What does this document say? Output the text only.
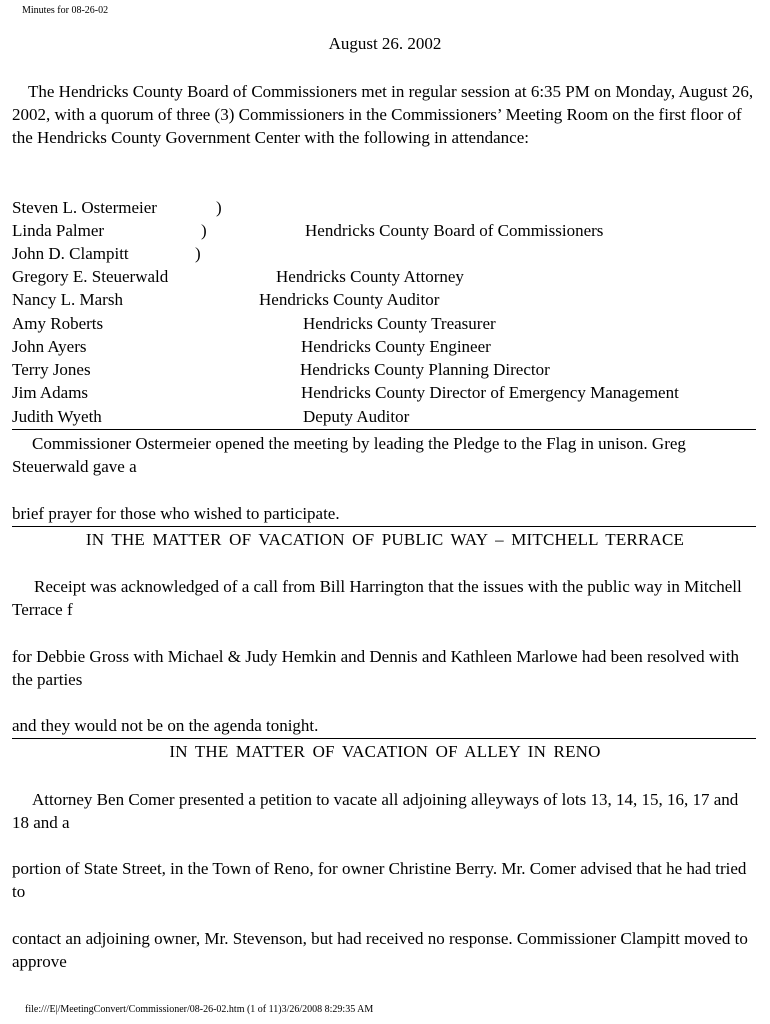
Minutes for 08-26-02
August 26. 2002
The Hendricks County Board of Commissioners met in regular session at 6:35 PM on Monday, August 26, 2002, with a quorum of three (3) Commissioners in the Commissioners’ Meeting Room on the first floor of the Hendricks County Government Center with the following in attendance:
Steven L. Ostermeier	)
Linda Palmer	)	Hendricks County Board of Commissioners
John D. Clampitt	)
Gregory E. Steuerwald	Hendricks County Attorney
Nancy L. Marsh	Hendricks County Auditor
Amy Roberts	Hendricks County Treasurer
John Ayers	Hendricks County Engineer
Terry Jones	Hendricks County Planning Director
Jim Adams	Hendricks County Director of Emergency Management
Judith Wyeth	Deputy Auditor
Commissioner Ostermeier opened the meeting by leading the Pledge to the Flag in unison. Greg Steuerwald gave a
brief prayer for those who wished to participate.
IN THE MATTER OF VACATION OF PUBLIC WAY – MITCHELL TERRACE
Receipt was acknowledged of a call from Bill Harrington that the issues with the public way in Mitchell Terrace f
for Debbie Gross with Michael & Judy Hemkin and Dennis and Kathleen Marlowe had been resolved with the parties
and they would not be on the agenda tonight.
IN THE MATTER OF VACATION OF ALLEY IN RENO
Attorney Ben Comer presented a petition to vacate all adjoining alleyways of lots 13, 14, 15, 16, 17 and 18 and a
portion of State Street, in the Town of Reno, for owner Christine Berry. Mr. Comer advised that he had tried to
contact an adjoining owner, Mr. Stevenson, but had received no response. Commissioner Clampitt moved to approve
file:///E|/MeetingConvert/Commissioner/08-26-02.htm (1 of 11)3/26/2008 8:29:35 AM
